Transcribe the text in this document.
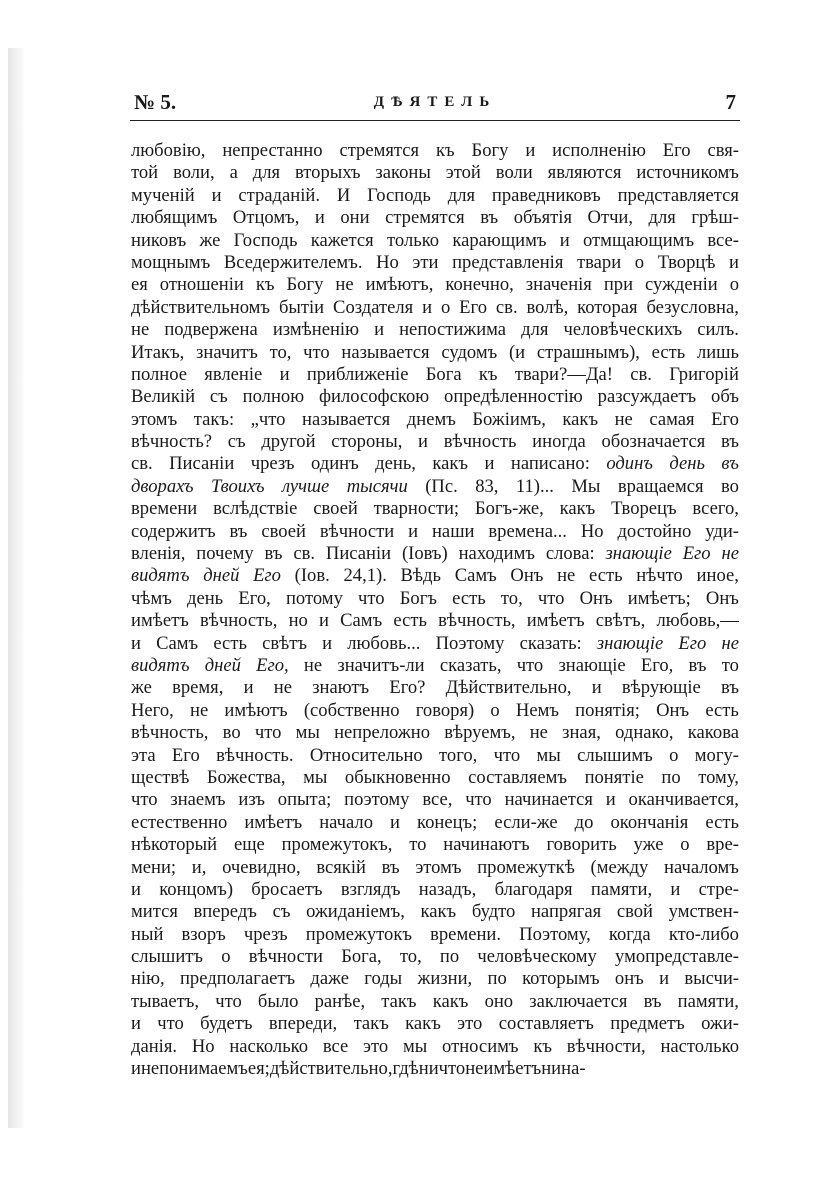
№ 5.	ДѢЯТЕЛЬ	7
любовію, непрестанно стремятся къ Богу и исполненію Его свя-
той воли, а для вторыхъ законы этой воли являются источникомъ
мученій и страданій. И Господь для праведниковъ представляется
любящимъ Отцомъ, и они стремятся въ объятія Отчи, для грѣш-
никовъ же Господь кажется только карающимъ и отмщающимъ все-
мощнымъ Вседержителемъ. Но эти представленія твари о Творцѣ и
ея отношеніи къ Богу не имѣютъ, конечно, значенія при сужденіи о
дѣйствительномъ бытіи Создателя и о Его св. волѣ, которая безусловна,
не подвержена измѣненію и непостижима для человѣческихъ силъ.
Итакъ, значитъ то, что называется судомъ (и страшнымъ), есть лишь
полное явленіе и приближеніе Бога къ твари?—Да! св. Григорій
Великій съ полною философскою опредѣленностію разсуждаетъ объ
этомъ такъ: „что называется днемъ Божіимъ, какъ не самая Его
вѣчность? съ другой стороны, и вѣчность иногда обозначается въ
св. Писаніи чрезъ одинъ день, какъ и написано: одинъ день въ
дворахъ Твоихъ лучше тысячи (Пс. 83, 11)... Мы вращаемся во
времени вслѣдствіе своей тварности; Богъ-же, какъ Творецъ всего,
содержитъ въ своей вѣчности и наши времена... Но достойно уди-
вленія, почему въ св. Писаніи (Іовъ) находимъ слова: знающіе Его не
видятъ дней Его (Іов. 24,1). Вѣдь Самъ Онъ не есть нѣчто иное,
чѣмъ день Его, потому что Богъ есть то, что Онъ имѣетъ; Онъ
имѣетъ вѣчность, но и Самъ есть вѣчность, имѣетъ свѣтъ, любовь,—
и Самъ есть свѣтъ и любовь... Поэтому сказать: знающіе Его не
видятъ дней Его, не значитъ-ли сказать, что знающіе Его, въ то
же время, и не знаютъ Его? Дѣйствительно, и вѣрующіе въ
Него, не имѣютъ (собственно говоря) о Немъ понятія; Онъ есть
вѣчность, во что мы непреложно вѣруемъ, не зная, однако, какова
эта Его вѣчность. Относительно того, что мы слышимъ о могу-
ществѣ Божества, мы обыкновенно составляемъ понятіе по тому,
что знаемъ изъ опыта; поэтому все, что начинается и оканчивается,
естественно имѣетъ начало и конецъ; если-же до окончанія есть
нѣкоторый еще промежутокъ, то начинаютъ говорить уже о вре-
мени; и, очевидно, всякій въ этомъ промежуткѣ (между началомъ
и концомъ) бросаетъ взглядъ назадъ, благодаря памяти, и стре-
мится впередъ съ ожиданіемъ, какъ будто напрягая свой умствен-
ный взоръ чрезъ промежутокъ времени. Поэтому, когда кто-либо
слышитъ о вѣчности Бога, то, по человѣческому умопредставле-
нію, предполагаетъ даже годы жизни, по которымъ онъ и высчи-
тываетъ, что было ранѣе, такъ какъ оно заключается въ памяти,
и что будетъ впереди, такъ какъ это составляетъ предметъ ожи-
данія. Но насколько все это мы относимъ къ вѣчности, настолько
и не понимаемъ ея; дѣйствительно, гдѣ ничто не имѣетъ ни на-
